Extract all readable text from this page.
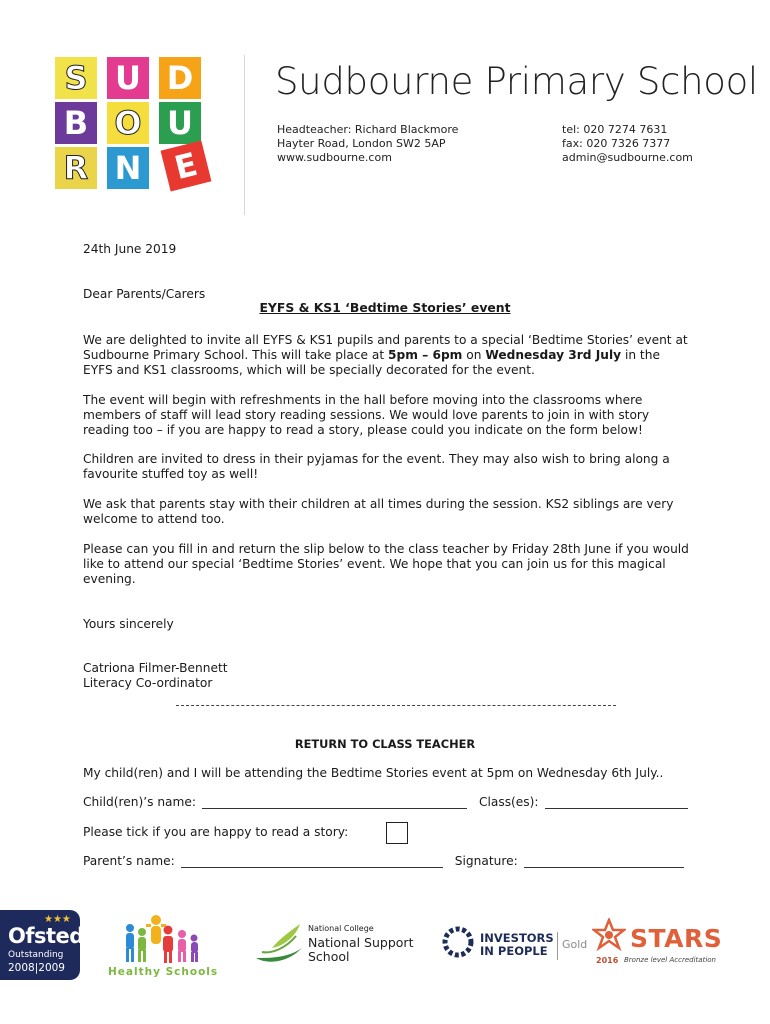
S U D
B O U
R N E
Sudbourne Primary School
Headteacher: Richard Blackmore
Hayter Road, London SW2 5AP
www.sudbourne.com
tel: 020 7274 7631
fax: 020 7326 7377
admin@sudbourne.com
24th June 2019
Dear Parents/Carers
EYFS & KS1 ‘Bedtime Stories’ event
We are delighted to invite all EYFS & KS1 pupils and parents to a special ‘Bedtime Stories’ event at Sudbourne Primary School. This will take place at 5pm – 6pm on Wednesday 3rd July in the EYFS and KS1 classrooms, which will be specially decorated for the event.
The event will begin with refreshments in the hall before moving into the classrooms where members of staff will lead story reading sessions. We would love parents to join in with story reading too – if you are happy to read a story, please could you indicate on the form below!
Children are invited to dress in their pyjamas for the event. They may also wish to bring along a favourite stuffed toy as well!
We ask that parents stay with their children at all times during the session. KS2 siblings are very welcome to attend too.
Please can you fill in and return the slip below to the class teacher by Friday 28th June if you would like to attend our special ‘Bedtime Stories’ event. We hope that you can join us for this magical evening.
Yours sincerely
Catriona Filmer-Bennett
Literacy Co-ordinator
RETURN TO CLASS TEACHER
My child(ren) and I will be attending the Bedtime Stories event at 5pm on Wednesday 6th July..
Child(ren)’s name:	Class(es):
Please tick if you are happy to read a story:
Parent’s name:	Signature:
★★★
Ofsted
Outstanding
2008|2009	Healthy Schools
National College
National Support
School
INVESTORS
IN PEOPLE	Gold STARS
2016 Bronze level Accreditation
